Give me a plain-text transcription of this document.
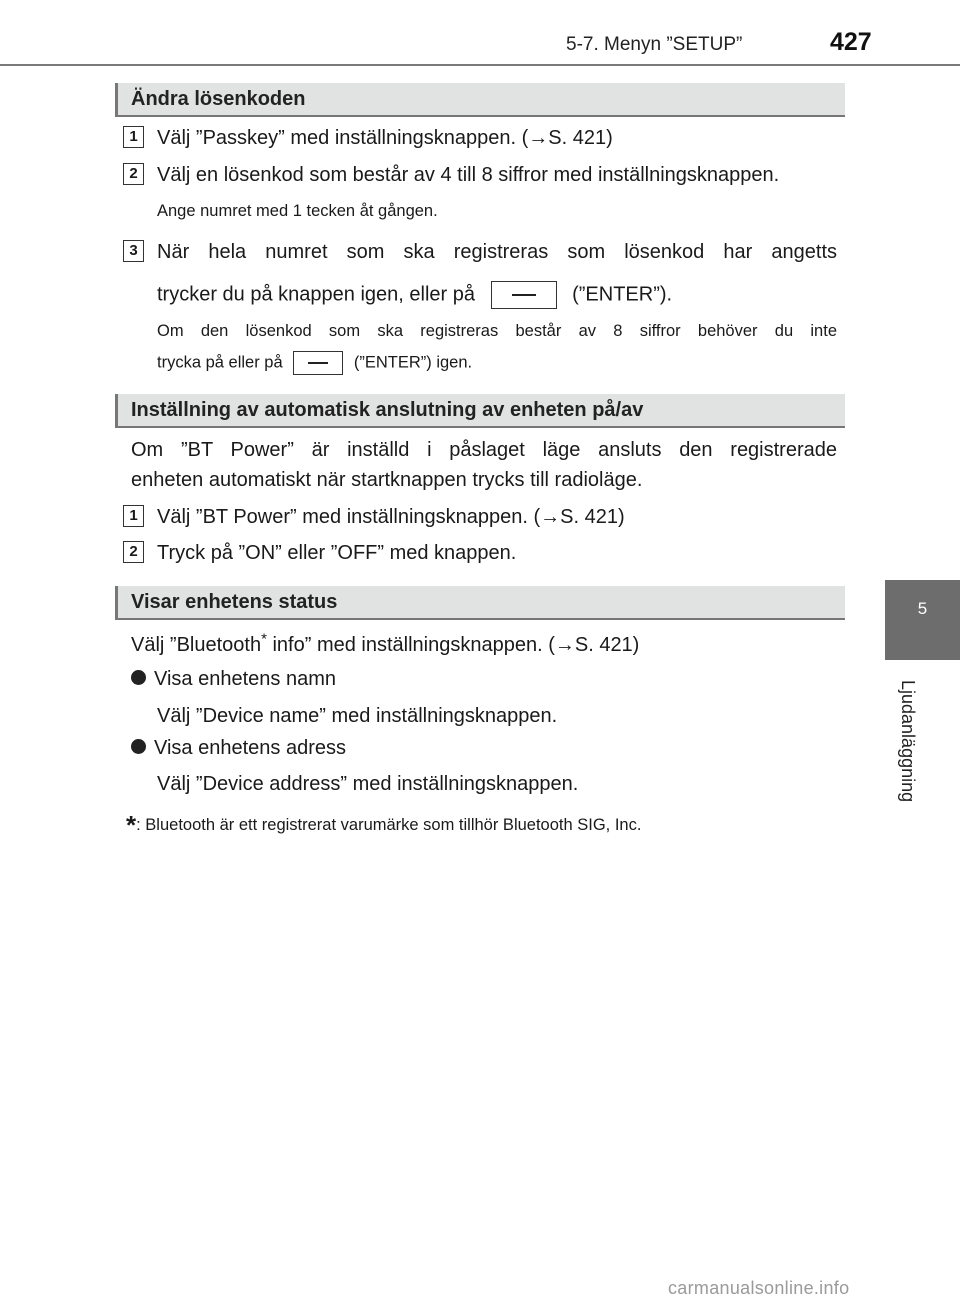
5-7. Menyn ”SETUP”	427
5
Ljudanläggning
Ändra lösenkoden
1 Välj ”Passkey” med inställningsknappen. (→S. 421)
2 Välj en lösenkod som består av 4 till 8 siffror med inställningsknappen.
Ange numret med 1 tecken åt gången.
3 När hela numret som ska registreras som lösenkod har angetts
trycker du på knappen igen, eller på	(”ENTER”).
Om den lösenkod som ska registreras består av 8 siffror behöver du inte
trycka på eller på	(”ENTER”) igen.
Inställning av automatisk anslutning av enheten på/av
Om ”BT Power” är inställd i påslaget läge ansluts den registrerade
enheten automatiskt när startknappen trycks till radioläge.
1 Välj ”BT Power” med inställningsknappen. (→S. 421)
2 Tryck på ”ON” eller ”OFF” med knappen.
Visar enhetens status
Välj ”Bluetooth* info” med inställningsknappen. (→S. 421)
Visa enhetens namn
Välj ”Device name” med inställningsknappen.
Visa enhetens adress
Välj ”Device address” med inställningsknappen.
*: Bluetooth är ett registrerat varumärke som tillhör Bluetooth SIG, Inc.
carmanualsonline.info
